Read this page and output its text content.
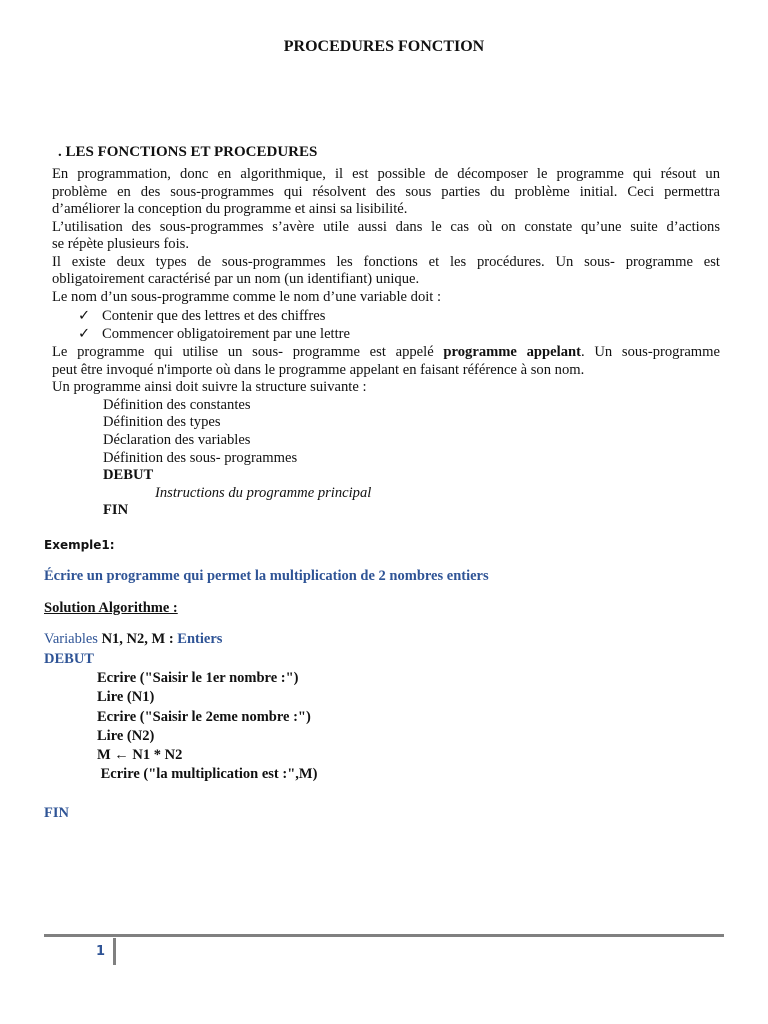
PROCEDURES FONCTION
. LES FONCTIONS ET PROCEDURES
En programmation, donc en algorithmique, il est possible de décomposer le programme qui résout un
problème en des sous-programmes qui résolvent des sous parties du problème initial. Ceci permettra
d’améliorer la conception du programme et ainsi sa lisibilité.
L’utilisation des sous-programmes s’avère utile aussi dans le cas où on constate qu’une suite d’actions
se répète plusieurs fois.
Il existe deux types de sous-programmes les fonctions et les procédures. Un sous- programme est
obligatoirement caractérisé par un nom (un identifiant) unique.
Le nom d’un sous-programme comme le nom d’une variable doit :
✓ Contenir que des lettres et des chiffres
✓ Commencer obligatoirement par une lettre
Le programme qui utilise un sous- programme est appelé programme appelant. Un sous-programme
peut être invoqué n'importe où dans le programme appelant en faisant référence à son nom.
Un programme ainsi doit suivre la structure suivante :
Définition des constantes
Définition des types
Déclaration des variables
Définition des sous- programmes
DEBUT
Instructions du programme principal
FIN
Exemple1:
Écrire un programme qui permet la multiplication de 2 nombres entiers
Solution Algorithme :
Variables N1, N2, M : Entiers
DEBUT
Ecrire ("Saisir le 1er nombre :")
Lire (N1)
Ecrire ("Saisir le 2eme nombre :")
Lire (N2)
M ← N1 * N2
Ecrire ("la multiplication est :",M)
FIN
1
